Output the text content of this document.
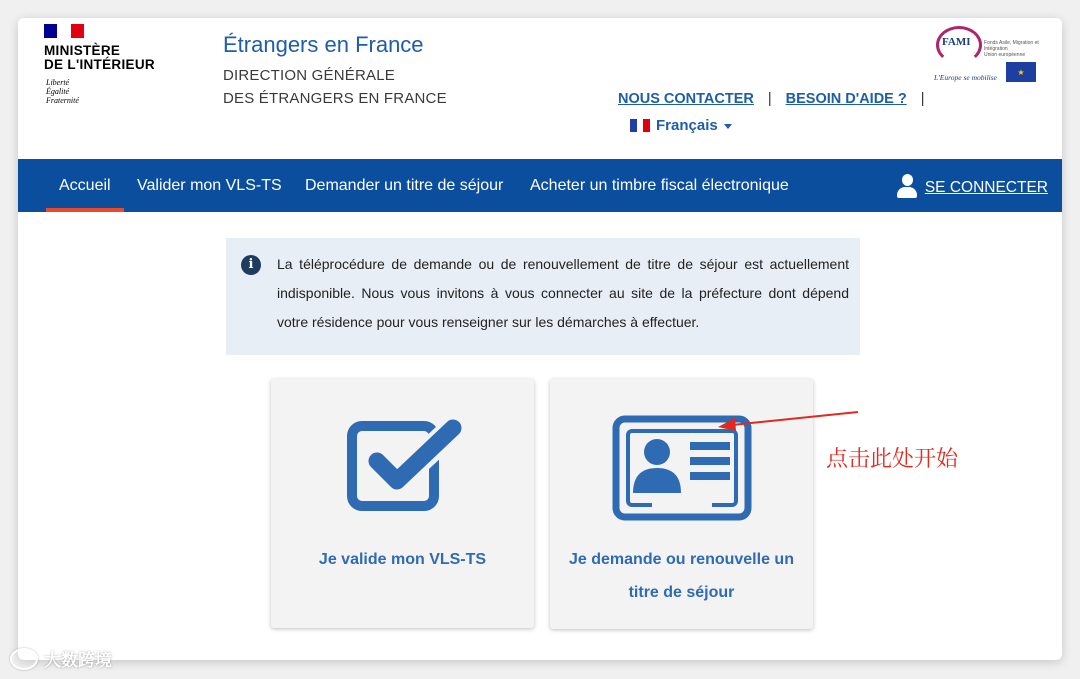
MINISTÈRE
DE L'INTÉRIEUR
Liberté
Égalité
Fraternité
Étrangers en France
DIRECTION GÉNÉRALE
DES ÉTRANGERS EN FRANCE	NOUS CONTACTER | BESOIN D'AIDE ? |
Français
FAMI	Fonds Asile, Migration et Intégration
Union européenne
L'Europe se mobilise
★
Accueil Valider mon VLS-TS Demander un titre de séjour Acheter un timbre fiscal électronique	SE CONNECTER
i	La téléprocédure de demande ou de renouvellement de titre de séjour est actuellement indisponible. Nous vous invitons à vous connecter au site de la préfecture dont dépend votre résidence pour vous renseigner sur les démarches à effectuer.
Je valide mon VLS-TS	Je demande ou renouvelle un titre de séjour
点击此处开始
大数跨境
